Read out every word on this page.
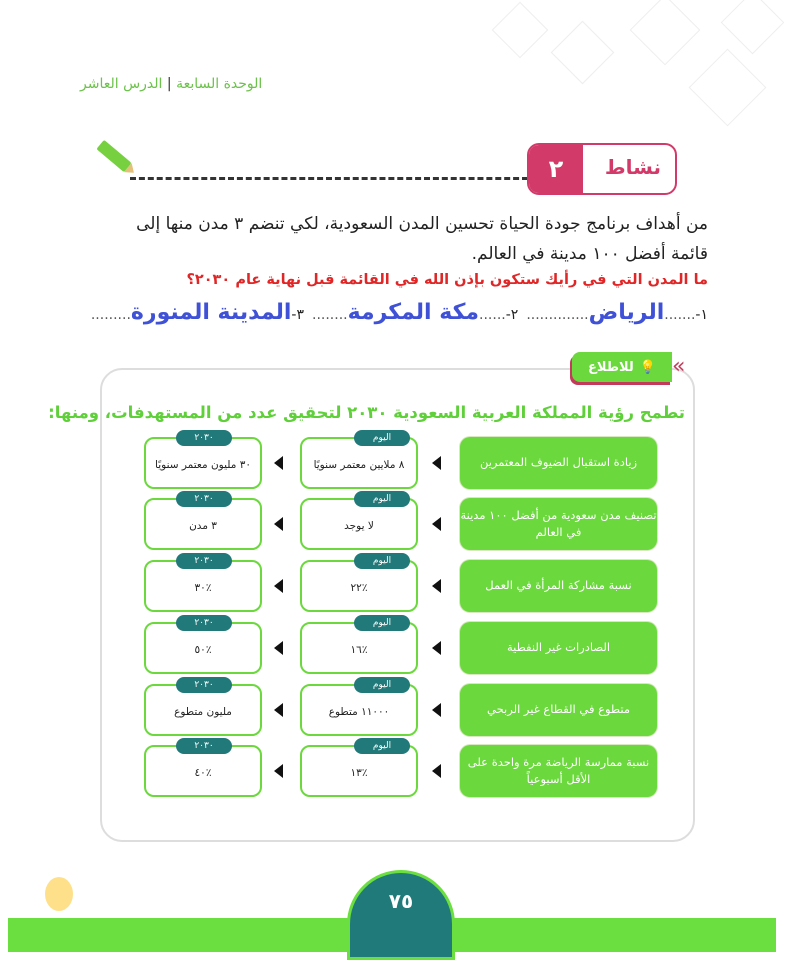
الوحدة السابعة | الدرس العاشر
نشاط
٢
من أهداف برنامج جودة الحياة تحسين المدن السعودية، لكي تنضم ٣ مدن منها إلى
قائمة أفضل ١٠٠ مدينة في العالم.
ما المدن التي في رأيك ستكون بإذن الله في القائمة قبل نهاية عام ٢٠٣٠؟
١-.......الرياض..............
٢-......مكة المكرمة........
٣-المدينة المنورة.........
💡
للاطلاع «
تطمح رؤية المملكة العربية السعودية ٢٠٣٠ لتحقيق عدد من المستهدفات، ومنها:
زيادة استقبال الضيوف المعتمرين
اليوم
٨ ملايين معتمر سنويًا
٢٠٣٠
٣٠ مليون معتمر سنويًا
تصنيف مدن سعودية من أفضل ١٠٠ مدينة في العالم
اليوم
لا يوجد
٢٠٣٠
٣ مدن
نسبة مشاركة المرأة في العمل
اليوم
٪٢٢
٢٠٣٠
٪٣٠
الصادرات غير النفطية
اليوم
٪١٦
٢٠٣٠
٪٥٠
متطوع في القطاع غير الربحي
اليوم
١١٠٠٠ متطوع
٢٠٣٠
مليون متطوع
نسبة ممارسة الرياضة مرة واحدة على الأقل أسبوعياً
اليوم
٪١٣
٢٠٣٠
٪٤٠
٧٥
